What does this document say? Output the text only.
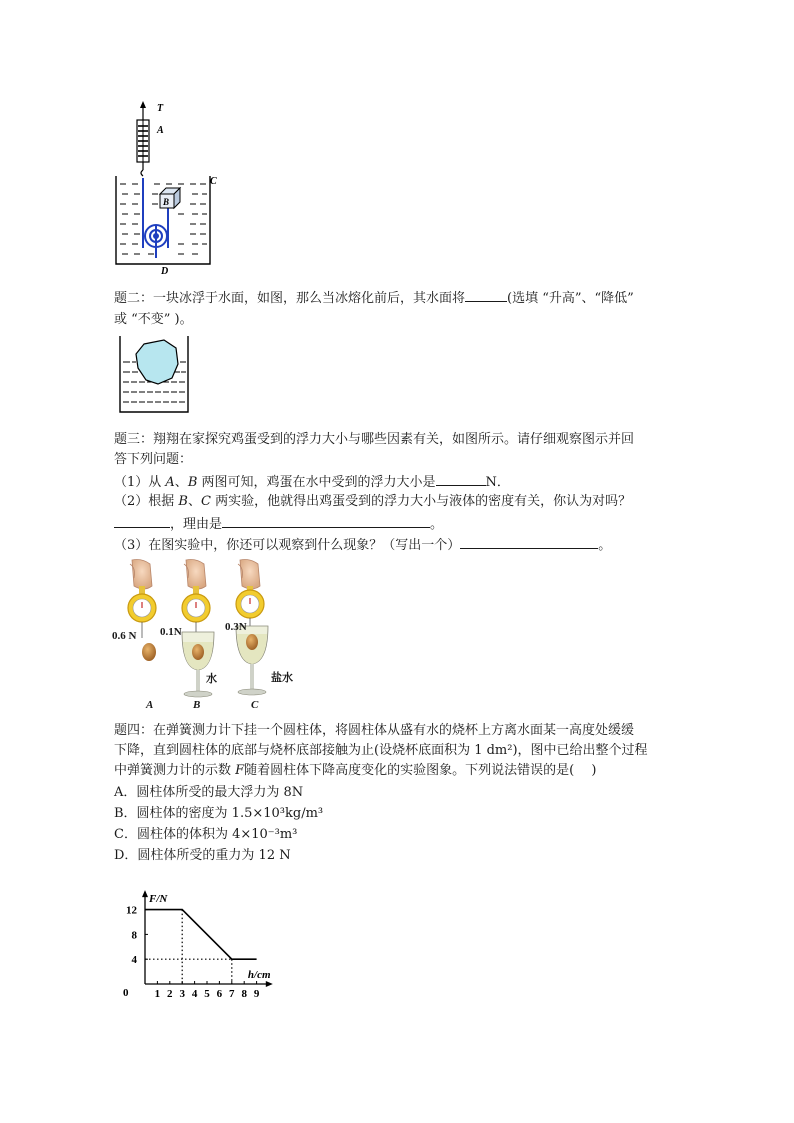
T
A
C
B
D
题二：一块冰浮于水面，如图，那么当冰熔化前后，其水面将	(选填 “升高”、“降低”
或 “不变” )。
题三：翔翔在家探究鸡蛋受到的浮力大小与哪些因素有关，如图所示。请仔细观察图示并回
答下列问题：
（1）从 A、B 两图可知，鸡蛋在水中受到的浮力大小是	N．
（2）根据 B、C 两实验，他就得出鸡蛋受到的浮力大小与液体的密度有关，你认为对吗？
，理由是	。
（3）在图实验中，你还可以观察到什么现象？（写出一个）	。
0.6 N 0.1N	0.3N
水	盐水
A	B	C
题四：在弹簧测力计下挂一个圆柱体，将圆柱体从盛有水的烧杯上方离水面某一高度处缓缓
下降，直到圆柱体的底部与烧杯底部接触为止(设烧杯底面积为 1 dm²)，图中已给出整个过程
中弹簧测力计的示数 F随着圆柱体下降高度变化的实验图象。下列说法错误的是(　 )
A．圆柱体所受的最大浮力为 8N
B．圆柱体的密度为 1.5×10³kg/m³
C．圆柱体的体积为 4×10⁻³m³
D．圆柱体所受的重力为 12 N
F/N
h/cm
0 1 2 3 4 5 6 7 8 9
4
8
12
